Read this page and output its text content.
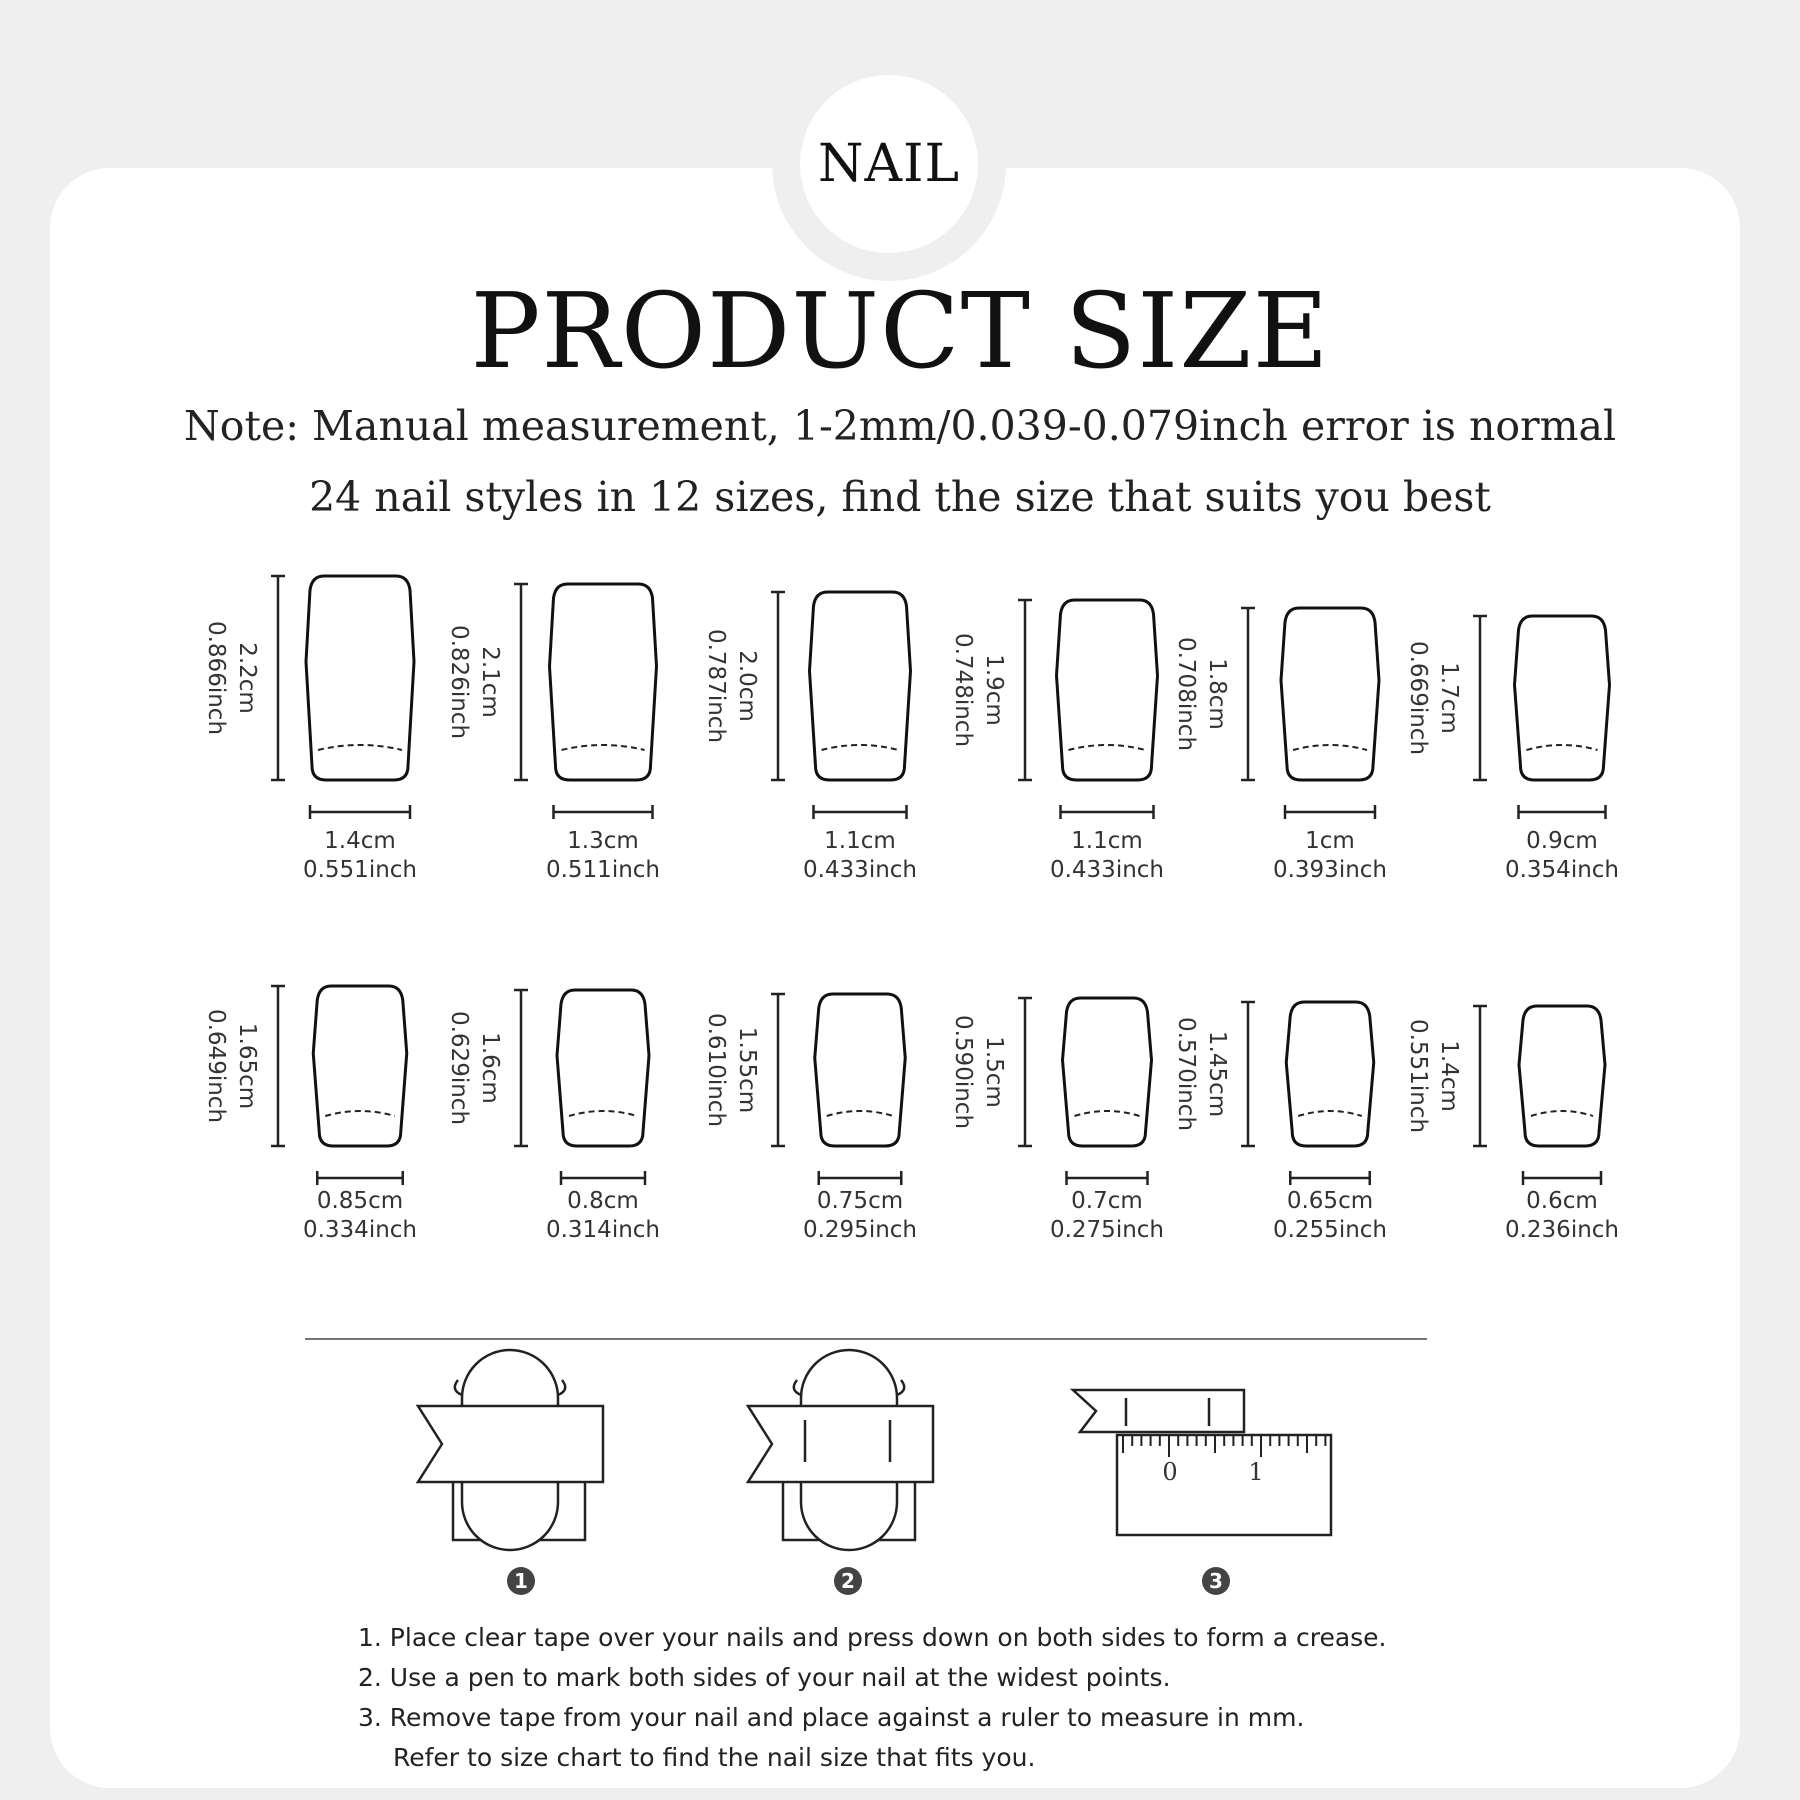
NAIL
PRODUCT SIZE
Note: Manual measurement, 1-2mm/0.039-0.079inch error is normal
24 nail styles in 12 sizes, find the size that suits you best
2.2cm
0.866inch
1.4cm
0.551inch
2.1cm
0.826inch
1.3cm
0.511inch
2.0cm
0.787inch
1.1cm
0.433inch
1.9cm
0.748inch
1.1cm
0.433inch
1.8cm
0.708inch
1cm
0.393inch
1.7cm
0.669inch
0.9cm
0.354inch
1.65cm
0.649inch
0.85cm
0.334inch
1.6cm
0.629inch
0.8cm
0.314inch
1.55cm
0.610inch
0.75cm
0.295inch
1.5cm
0.590inch
0.7cm
0.275inch
1.45cm
0.570inch
0.65cm
0.255inch
1.4cm
0.551inch
0.6cm
0.236inch
0	1
1	2	3
1. Place clear tape over your nails and press down on both sides to form a crease.
2. Use a pen to mark both sides of your nail at the widest points.
3. Remove tape from your nail and place against a ruler to measure in mm.
Refer to size chart to find the nail size that fits you.
